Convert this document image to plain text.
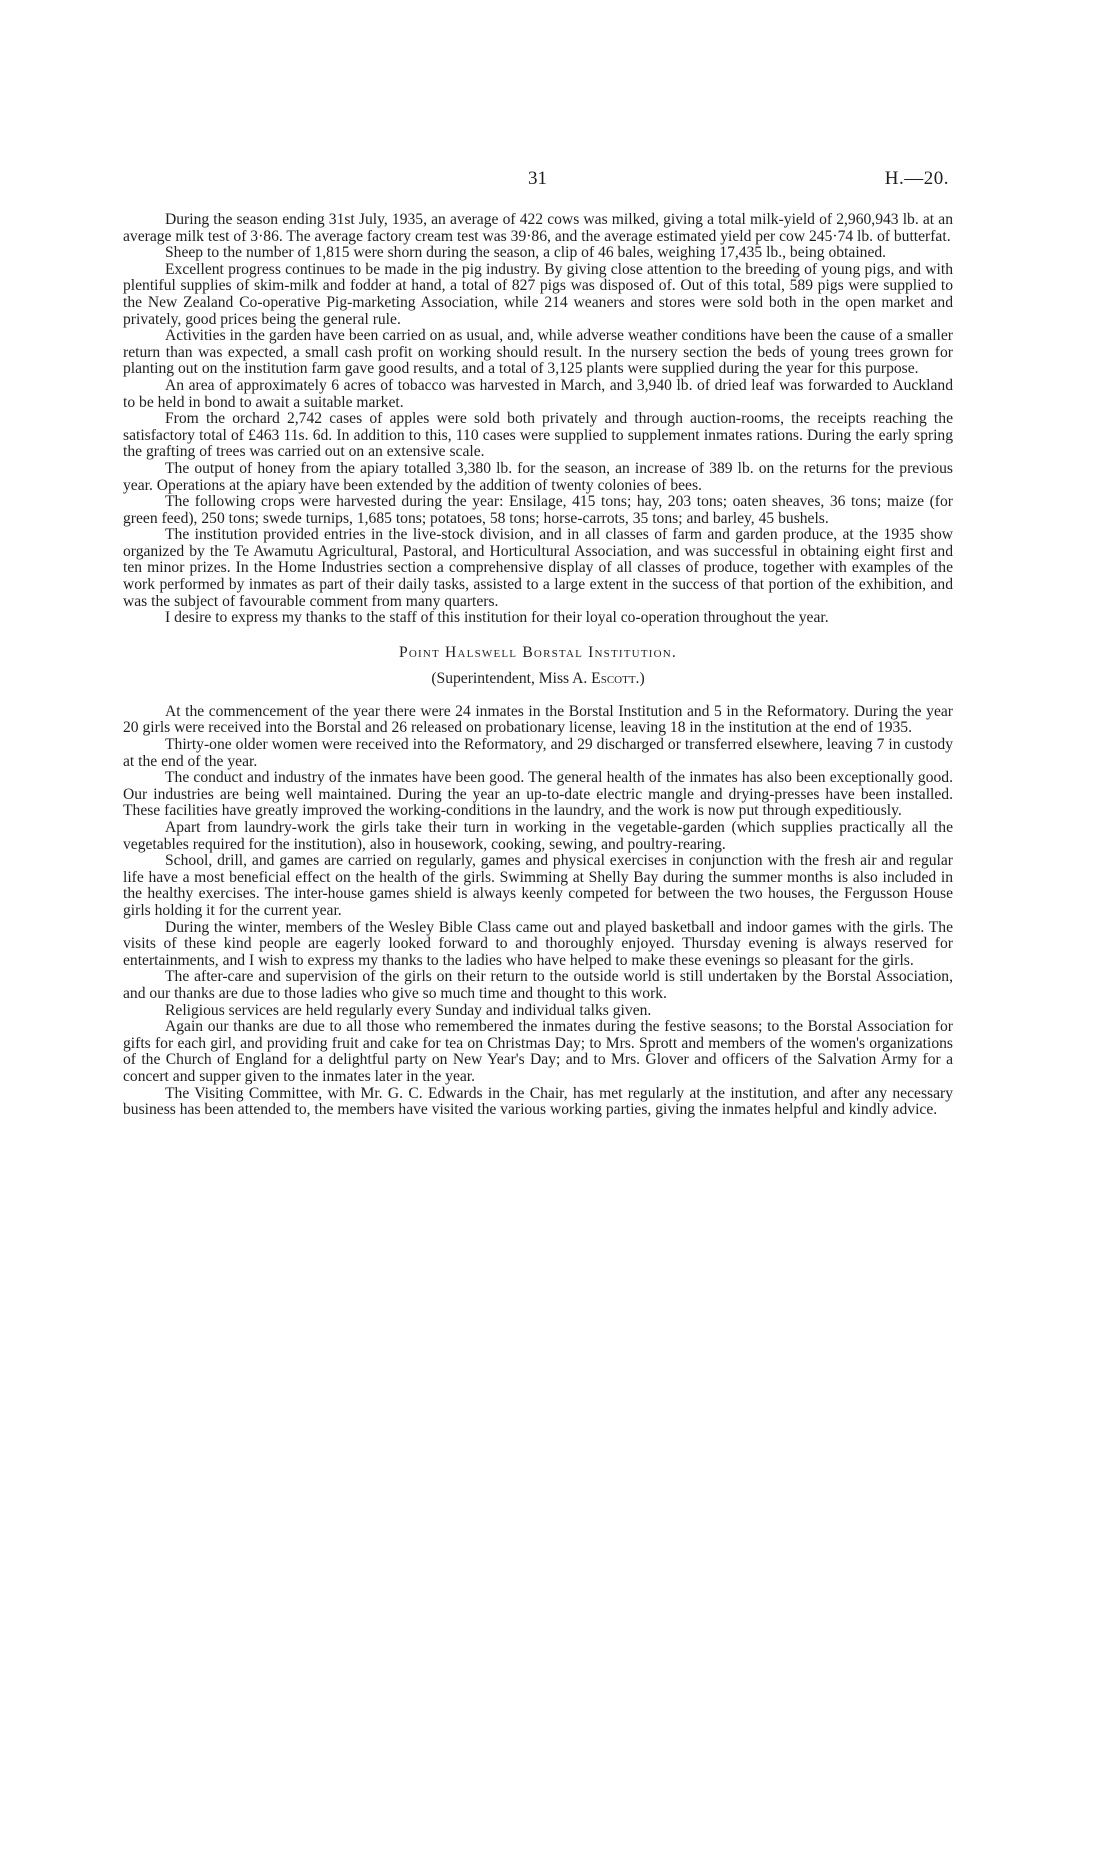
31	H.—20.

During the season ending 31st July, 1935, an average of 422 cows was milked, giving a total milk-yield of 2,960,943 lb. at an average milk test of 3·86. The average factory cream test was 39·86, and the average estimated yield per cow 245·74 lb. of butterfat.

Sheep to the number of 1,815 were shorn during the season, a clip of 46 bales, weighing 17,435 lb., being obtained.

Excellent progress continues to be made in the pig industry. By giving close attention to the breeding of young pigs, and with plentiful supplies of skim-milk and fodder at hand, a total of 827 pigs was disposed of. Out of this total, 589 pigs were supplied to the New Zealand Co-operative Pig-marketing Association, while 214 weaners and stores were sold both in the open market and privately, good prices being the general rule.

Activities in the garden have been carried on as usual, and, while adverse weather conditions have been the cause of a smaller return than was expected, a small cash profit on working should result. In the nursery section the beds of young trees grown for planting out on the institution farm gave good results, and a total of 3,125 plants were supplied during the year for this purpose.

An area of approximately 6 acres of tobacco was harvested in March, and 3,940 lb. of dried leaf was forwarded to Auckland to be held in bond to await a suitable market.

From the orchard 2,742 cases of apples were sold both privately and through auction-rooms, the receipts reaching the satisfactory total of £463 11s. 6d. In addition to this, 110 cases were supplied to supplement inmates rations. During the early spring the grafting of trees was carried out on an extensive scale.

The output of honey from the apiary totalled 3,380 lb. for the season, an increase of 389 lb. on the returns for the previous year. Operations at the apiary have been extended by the addition of twenty colonies of bees.

The following crops were harvested during the year: Ensilage, 415 tons; hay, 203 tons; oaten sheaves, 36 tons; maize (for green feed), 250 tons; swede turnips, 1,685 tons; potatoes, 58 tons; horse-carrots, 35 tons; and barley, 45 bushels.

The institution provided entries in the live-stock division, and in all classes of farm and garden produce, at the 1935 show organized by the Te Awamutu Agricultural, Pastoral, and Horticultural Association, and was successful in obtaining eight first and ten minor prizes. In the Home Industries section a comprehensive display of all classes of produce, together with examples of the work performed by inmates as part of their daily tasks, assisted to a large extent in the success of that portion of the exhibition, and was the subject of favourable comment from many quarters.

I desire to express my thanks to the staff of this institution for their loyal co-operation throughout the year.

Point Halswell Borstal Institution.
(Superintendent, Miss A. Escott.)

At the commencement of the year there were 24 inmates in the Borstal Institution and 5 in the Reformatory. During the year 20 girls were received into the Borstal and 26 released on probationary license, leaving 18 in the institution at the end of 1935.

Thirty-one older women were received into the Reformatory, and 29 discharged or transferred elsewhere, leaving 7 in custody at the end of the year.

The conduct and industry of the inmates have been good. The general health of the inmates has also been exceptionally good. Our industries are being well maintained. During the year an up-to-date electric mangle and drying-presses have been installed. These facilities have greatly improved the working-conditions in the laundry, and the work is now put through expeditiously.

Apart from laundry-work the girls take their turn in working in the vegetable-garden (which supplies practically all the vegetables required for the institution), also in housework, cooking, sewing, and poultry-rearing.

School, drill, and games are carried on regularly, games and physical exercises in conjunction with the fresh air and regular life have a most beneficial effect on the health of the girls. Swimming at Shelly Bay during the summer months is also included in the healthy exercises. The inter-house games shield is always keenly competed for between the two houses, the Fergusson House girls holding it for the current year.

During the winter, members of the Wesley Bible Class came out and played basketball and indoor games with the girls. The visits of these kind people are eagerly looked forward to and thoroughly enjoyed. Thursday evening is always reserved for entertainments, and I wish to express my thanks to the ladies who have helped to make these evenings so pleasant for the girls.

The after-care and supervision of the girls on their return to the outside world is still undertaken by the Borstal Association, and our thanks are due to those ladies who give so much time and thought to this work.

Religious services are held regularly every Sunday and individual talks given.

Again our thanks are due to all those who remembered the inmates during the festive seasons; to the Borstal Association for gifts for each girl, and providing fruit and cake for tea on Christmas Day; to Mrs. Sprott and members of the women's organizations of the Church of England for a delightful party on New Year's Day; and to Mrs. Glover and officers of the Salvation Army for a concert and supper given to the inmates later in the year.

The Visiting Committee, with Mr. G. C. Edwards in the Chair, has met regularly at the institution, and after any necessary business has been attended to, the members have visited the various working parties, giving the inmates helpful and kindly advice.
